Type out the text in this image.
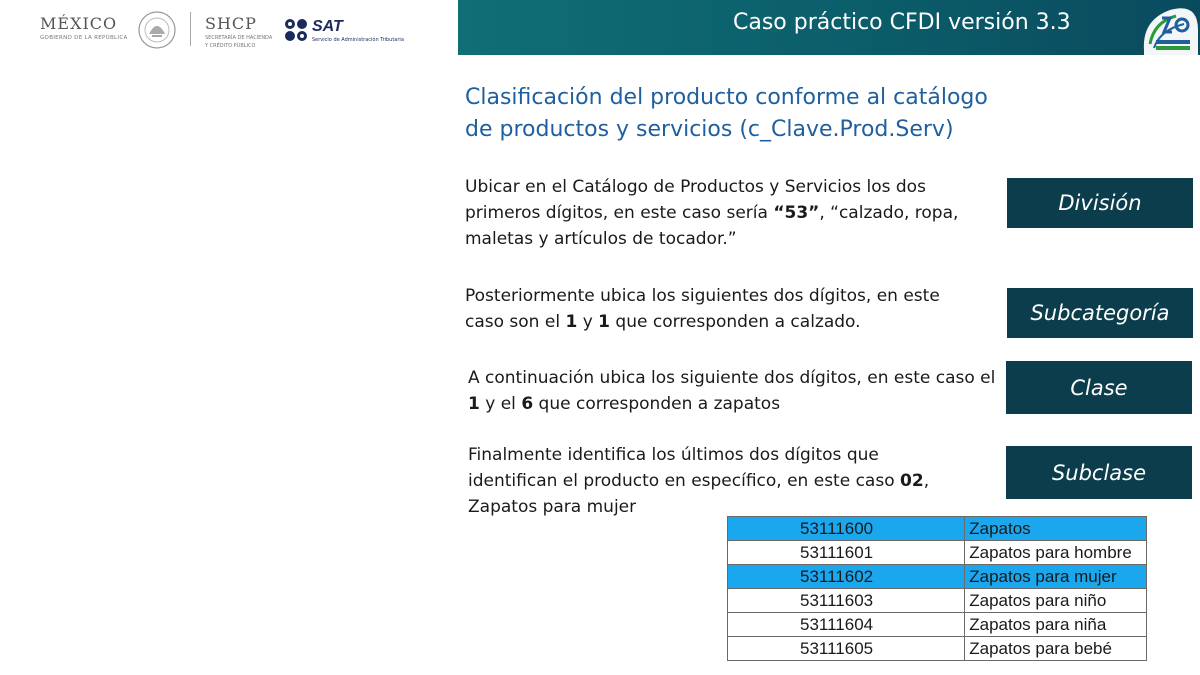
MÉXICO
GOBIERNO DE LA REPÚBLICA
SHCP
SECRETARÍA DE HACIENDA
Y CRÉDITO PÚBLICO
SAT
Servicio de Administración Tributaria
Caso práctico CFDI versión 3.3
Clasificación del producto conforme al catálogo
de productos y servicios (c_Clave.Prod.Serv)
Ubicar en el Catálogo de Productos y Servicios los dos primeros dígitos, en este caso sería “53”, “calzado, ropa, maletas y artículos de tocador.”
División
Posteriormente ubica los siguientes dos dígitos, en este caso son el 1 y 1 que corresponden a calzado.	Subcategoría
A continuación ubica los siguiente dos dígitos, en este caso el 1 y el 6 que corresponden a zapatos
Clase
Finalmente identifica los últimos dos dígitos que identifican el producto en específico, en este caso 02, Zapatos para mujer
Subclase
53111600	Zapatos
53111601	Zapatos para hombre
53111602	Zapatos para mujer
53111603	Zapatos para niño
53111604	Zapatos para niña
53111605	Zapatos para bebé
